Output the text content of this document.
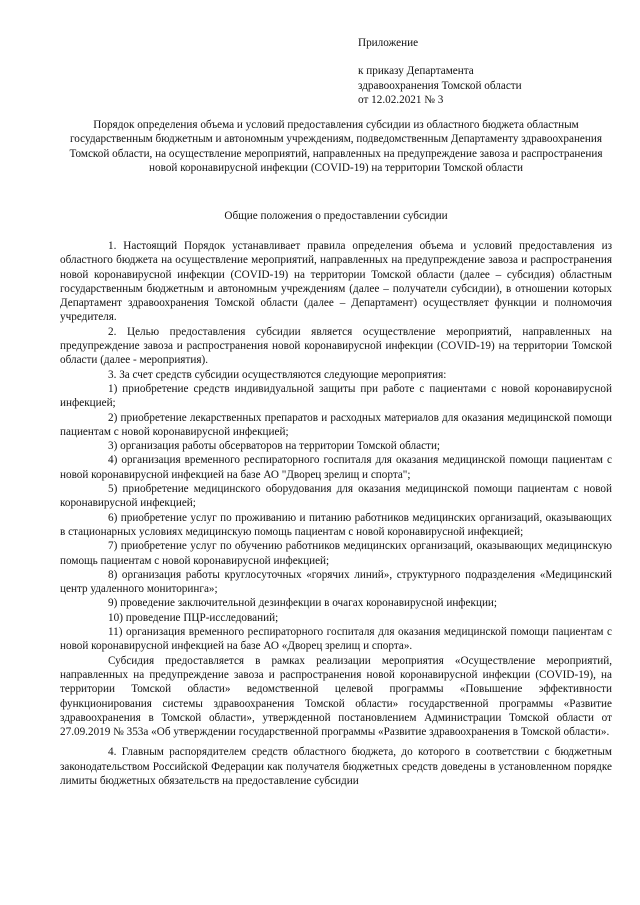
Приложение
к приказу Департамента
здравоохранения Томской области
от 12.02.2021 № 3
Порядок определения объема и условий предоставления субсидии из областного бюджета областным государственным бюджетным и автономным учреждениям, подведомственным Департаменту здравоохранения Томской области, на осуществление мероприятий, направленных на предупреждение завоза и распространения новой коронавирусной инфекции (COVID-19) на территории Томской области
Общие положения о предоставлении субсидии

1. Настоящий Порядок устанавливает правила определения объема и условий предоставления из областного бюджета на осуществление мероприятий, направленных на предупреждение завоза и распространения новой коронавирусной инфекции (COVID-19) на территории Томской области (далее – субсидия) областным государственным бюджетным и автономным учреждениям (далее – получатели субсидии), в отношении которых Департамент здравоохранения Томской области (далее – Департамент) осуществляет функции и полномочия учредителя.

2. Целью предоставления субсидии является осуществление мероприятий, направленных на предупреждение завоза и распространения новой коронавирусной инфекции (COVID-19) на территории Томской области (далее - мероприятия).

3. За счет средств субсидии осуществляются следующие мероприятия:

1) приобретение средств индивидуальной защиты при работе с пациентами с новой коронавирусной инфекцией;

2) приобретение лекарственных препаратов и расходных материалов для оказания медицинской помощи пациентам с новой коронавирусной инфекцией;

3) организация работы обсерваторов на территории Томской области;

4) организация временного респираторного госпиталя для оказания медицинской помощи пациентам с новой коронавирусной инфекцией на базе АО "Дворец зрелищ и спорта";

5) приобретение медицинского оборудования для оказания медицинской помощи пациентам с новой коронавирусной инфекцией;

6) приобретение услуг по проживанию и питанию работников медицинских организаций, оказывающих в стационарных условиях медицинскую помощь пациентам с новой коронавирусной инфекцией;

7) приобретение услуг по обучению работников медицинских организаций, оказывающих медицинскую помощь пациентам с новой коронавирусной инфекцией;

8) организация работы круглосуточных «горячих линий», структурного подразделения «Медицинский центр удаленного мониторинга»;

9) проведение заключительной дезинфекции в очагах коронавирусной инфекции;

10) проведение ПЦР-исследований;

11) организация временного респираторного госпиталя для оказания медицинской помощи пациентам с новой коронавирусной инфекцией на базе АО «Дворец зрелищ и спорта».

Субсидия предоставляется в рамках реализации мероприятия «Осуществление мероприятий, направленных на предупреждение завоза и распространения новой коронавирусной инфекции (COVID-19), на территории Томской области» ведомственной целевой программы «Повышение эффективности функционирования системы здравоохранения Томской области» государственной программы «Развитие здравоохранения в Томской области», утвержденной постановлением Администрации Томской области от 27.09.2019 № 353а «Об утверждении государственной программы «Развитие здравоохранения в Томской области».

4. Главным распорядителем средств областного бюджета, до которого в соответствии с бюджетным законодательством Российской Федерации как получателя бюджетных средств доведены в установленном порядке лимиты бюджетных обязательств на предоставление субсидии
